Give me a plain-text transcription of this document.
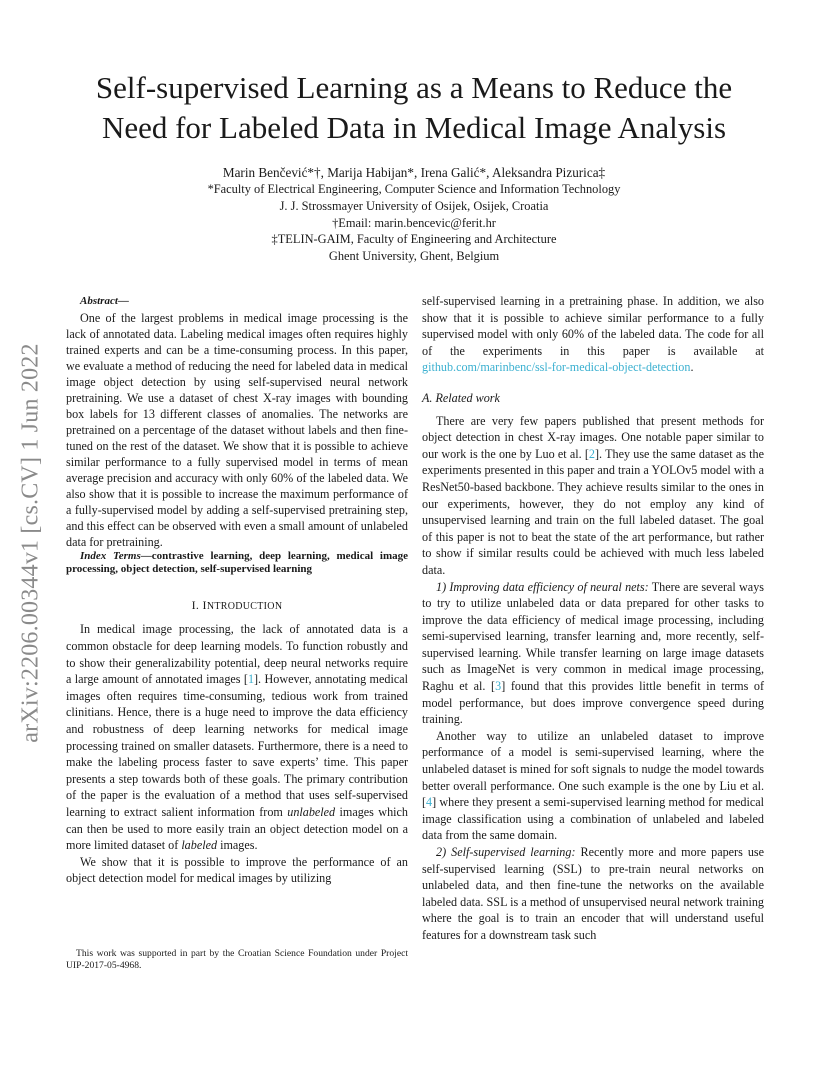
Self-supervised Learning as a Means to Reduce the
Need for Labeled Data in Medical Image Analysis
Marin Benčević*†, Marija Habijan*, Irena Galić*, Aleksandra Pizurica‡
*Faculty of Electrical Engineering, Computer Science and Information Technology
J. J. Strossmayer University of Osijek, Osijek, Croatia
†Email: marin.bencevic@ferit.hr
‡TELIN-GAIM, Faculty of Engineering and Architecture
Ghent University, Ghent, Belgium
arXiv:2206.00344v1 [cs.CV] 1 Jun 2022

Abstract—

One of the largest problems in medical image processing is the lack of annotated data. Labeling medical images often requires highly trained experts and can be a time-consuming process. In this paper, we evaluate a method of reducing the need for labeled data in medical image object detection by using self-supervised neural network pretraining. We use a dataset of chest X-ray images with bounding box labels for 13 different classes of anomalies. The networks are pretrained on a percentage of the dataset without labels and then fine-tuned on the rest of the dataset. We show that it is possible to achieve similar performance to a fully supervised model in terms of mean average precision and accuracy with only 60% of the labeled data. We also show that it is possible to increase the maximum performance of a fully-supervised model by adding a self-supervised pretraining step, and this effect can be observed with even a small amount of unlabeled data for pretraining.

Index Terms—contrastive learning, deep learning, medical image processing, object detection, self-supervised learning

I. INTRODUCTION

In medical image processing, the lack of annotated data is a common obstacle for deep learning models. To function robustly and to show their generalizability potential, deep neural networks require a large amount of annotated images [1]. However, annotating medical images often requires time-consuming, tedious work from trained clinitians. Hence, there is a huge need to improve the data efficiency and robustness of deep learning networks for medical image processing trained on smaller datasets. Furthermore, there is a need to make the labeling process faster to save experts’ time. This paper presents a step towards both of these goals. The primary contribution of the paper is the evaluation of a method that uses self-supervised learning to extract salient information from unlabeled images which can then be used to more easily train an object detection model on a more limited dataset of labeled images.

We show that it is possible to improve the performance of an object detection model for medical images by utilizing

This work was supported in part by the Croatian Science Foundation under Project UIP-2017-05-4968.

self-supervised learning in a pretraining phase. In addition, we also show that it is possible to achieve similar performance to a fully supervised model with only 60% of the labeled data. The code for all of the experiments in this paper is available at github.com/marinbenc/ssl-for-medical-object-detection.

A. Related work

There are very few papers published that present methods for object detection in chest X-ray images. One notable paper similar to our work is the one by Luo et al. [2]. They use the same dataset as the experiments presented in this paper and train a YOLOv5 model with a ResNet50-based backbone. They achieve results similar to the ones in our experiments, however, they do not employ any kind of unsupervised learning and train on the full labeled dataset. The goal of this paper is not to beat the state of the art performance, but rather to show if similar results could be achieved with much less labeled data.

1) Improving data efficiency of neural nets: There are several ways to try to utilize unlabeled data or data prepared for other tasks to improve the data efficiency of medical image processing, including semi-supervised learning, transfer learning and, more recently, self-supervised learning. While transfer learning on large image datasets such as ImageNet is very common in medical image processing, Raghu et al. [3] found that this provides little benefit in terms of model performance, but does improve convergence speed during training.

Another way to utilize an unlabeled dataset to improve performance of a model is semi-supervised learning, where the unlabeled dataset is mined for soft signals to nudge the model towards better overall performance. One such example is the one by Liu et al. [4] where they present a semi-supervised learning method for medical image classification using a combination of unlabeled and labeled data from the same domain.

2) Self-supervised learning: Recently more and more papers use self-supervised learning (SSL) to pre-train neural networks on unlabeled data, and then fine-tune the networks on the available labeled data. SSL is a method of unsupervised neural network training where the goal is to train an encoder that will understand useful features for a downstream task such
